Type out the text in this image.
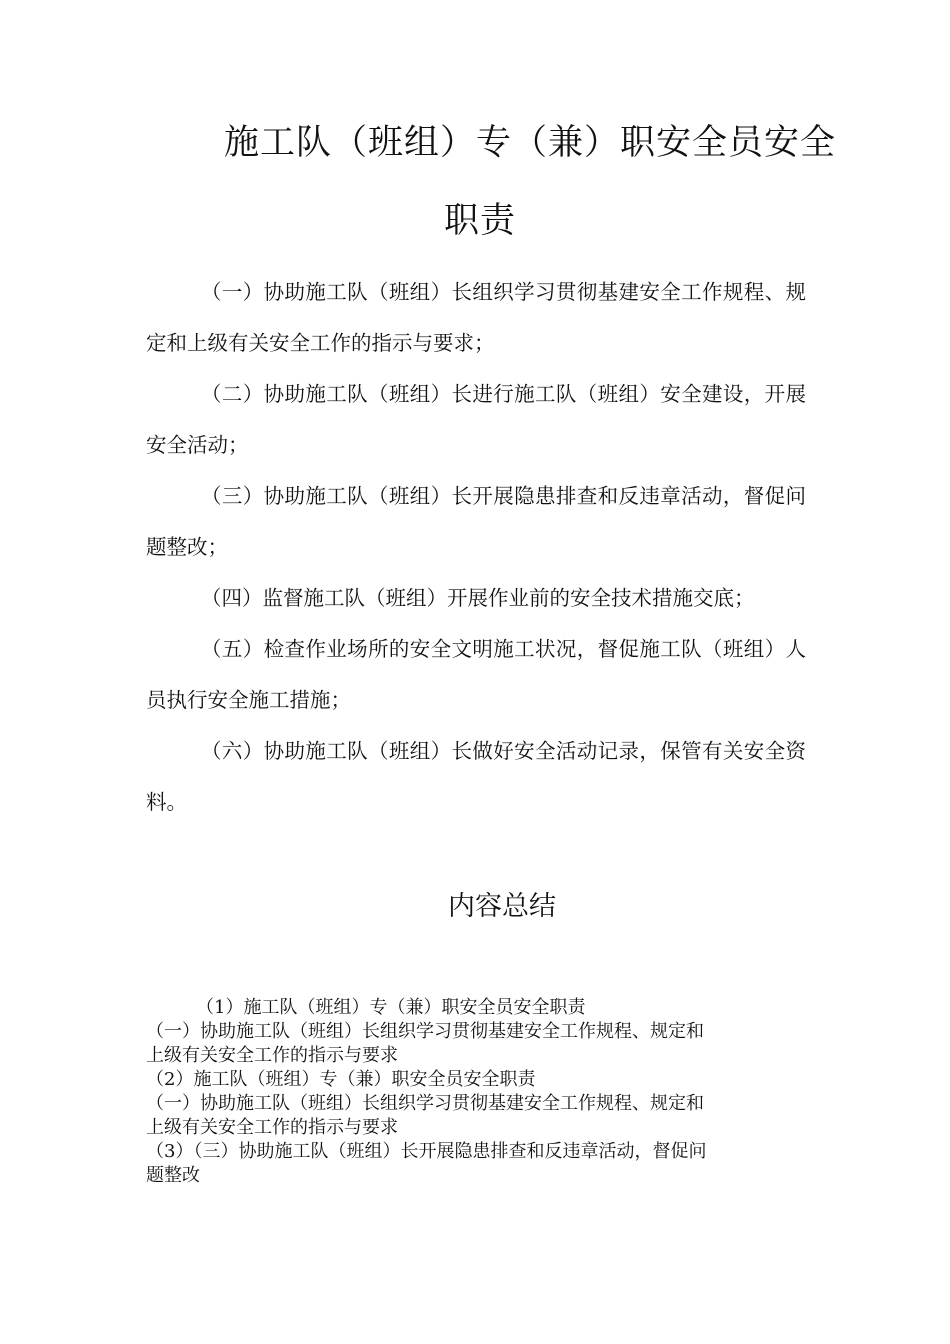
施工队（班组）专（兼）职安全员安全
职责

（一）协助施工队（班组）长组织学习贯彻基建安全工作规程、规定和上级有关安全工作的指示与要求；

（二）协助施工队（班组）长进行施工队（班组）安全建设，开展安全活动；

（三）协助施工队（班组）长开展隐患排查和反违章活动，督促问题整改；

（四）监督施工队（班组）开展作业前的安全技术措施交底；

（五）检查作业场所的安全文明施工状况，督促施工队（班组）人员执行安全施工措施；

（六）协助施工队（班组）长做好安全活动记录，保管有关安全资料。

内容总结
（1）施工队（班组）专（兼）职安全员安全职责
（一）协助施工队（班组）长组织学习贯彻基建安全工作规程、规定和
上级有关安全工作的指示与要求
（2）施工队（班组）专（兼）职安全员安全职责
（一）协助施工队（班组）长组织学习贯彻基建安全工作规程、规定和
上级有关安全工作的指示与要求
（3）（三）协助施工队（班组）长开展隐患排查和反违章活动，督促问
题整改
